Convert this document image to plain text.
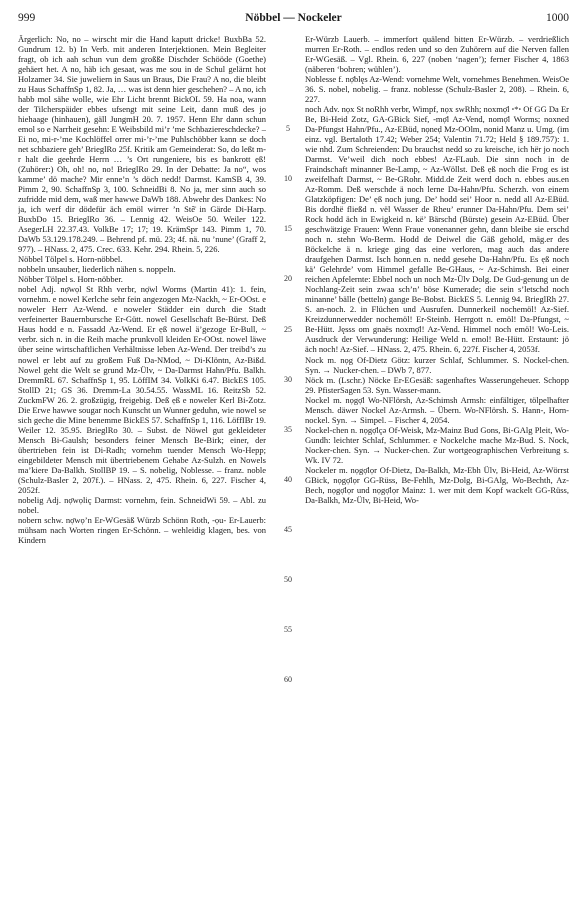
999	Nöbbel — Nockeler	1000

Ärgerlich: No, no – wirscht mir die Hand kaputt dricke! BuxbBa 52. Gundrum 12. b) In Verb. mit anderen Interjektionen. Mein Begleiter fragt, ob ich aah schun vun dem großße Dischder Schööde (Goethe) gehäert het. A no, häb ich gesaat, was me sou in de Schul gelärnt hot Holzamer 34. Sie juweliern in Saus un Braus, Die Frau? A no, die bleibt zu Haus SchaffnSp 1, 82. Ja, … was ist denn hier geschehen? – A no, ich habb mol sähe wolle, wie Ehr Licht brennt BickOL 59. Ha noa, wann der Tilcherspäider ebbes ufsengt mit seine Leit, dann muß des jo hiehaage (hinhauen), gäll JungmH 20. 7. 1957. Henn Ehr dann schun emol so e Narrheit gesehn: E Weibsbild mi’r ’me Schbaziereschdecke? – Ei no, mi-r-’me Kochlöffel orrer mi-’r-’me Puhlschöbber kann se doch net schbaziere geh’ BrieglRo 25f. Kritik am Gemeinderat: So, do leßt m-r halt die geehrde Herrn … ’s Ort rungeniere, bis es bankrott ẹß! (Zuhörer:) Oh, oh! no, no! BrieglRo 29. In der Debatte: Ja no“, wos kamme’ dö mache? Mir enne’n ’s döch nedd! Darmst. KamSB 4, 39. Pimm 2, 90. SchaffnSp 3, 100. SchneidBi 8. No ja, mer sinn auch so zufridde mid dem, waß mer hawwe DaWb 188. Abwehr des Dankes: No ja, ich werf dir dödefür äch emöl wirrer ’n Stẽ̈ in Gärde Di-Harp. BuxbDo 15. BrieglRo 36. – Lennig 42. WeisOe 50. Weiler 122. AsegerLH 22.37.43. VolkBe 17; 17; 19. KrämSpr 143. Pimm 1, 70. DaWb 53.129.178.249. – Behrend pf. mü. 23; 4f. nä. nu ’nune’ (Graff 2, 977). – HNass. 2, 475. Crec. 633. Kehr. 294. Rhein. 5, 226.

Nöbbel Tölpel s. Horn-nöbbel.

nobbeln unsauber, liederlich nähen s. noppeln.

Nöbber Tölpel s. Horn-nöbber.

nobel Adj. nọ̄wọl St Rhh verbr, nọ̈wl Worms (Martin 41): 1. fein, vornehm. e nowel Kerlche sehr fein angezogen Mz-Nackh, ~ Er-OOst. e noweler Herr Az-Wend. e noweler Städder ein durch die Stadt verfeinerter Bauernbursche Er-Gütt. nowel Gesellschaft Be-Bürst. Deß Haus hodd e n. Fassadd Az-Wend. Er ẹß nowel ä’gezoge Er-Bull, ~ verbr. sich n. in die Reih mache prunkvoll kleiden Er-OOst. nowel läwe über seine wirtschaftlichen Verhältnisse leben Az-Wend. Der treibd’s zu nowel er lebt auf zu großem Fuß Da-NMod, ~ Di-Klöntn, Az-Bißd. Nowel geht die Welt se grund Mz-Ülv, ~ Da-Darmst Hahn/Pfu. Balkh. DremmRL 67. SchaffnSp 1, 95. LöffIM 34. VolkKi 6.47. BickES 105. StollD 21; GS 36. Dremm-La 30.54.55. WassML 16. ReitzSb 52. ZuckmFW 26. 2. großzügig, freigebig. Deß ẹß e noweler Kerl Bi-Zotz. Die Erwe hawwe sougar noch Kunscht un Wunner geduhn, wie nowel se sich geche die Mine benemme BickES 57. SchaffnSp 1, 116. LöffIBr 19. Weiler 12. 35.95. BrieglRo 30. – Subst. de Nöwel gut gekleideter Mensch Bi-Gaulsh; besonders feiner Mensch Be-Birk; einer, der übertrieben fein ist Di-Radh; vornehm tuender Mensch Wo-Hepp; eingebildeter Mensch mit übertriebenem Gehabe Az-Sulzh. en Nowels ma’kiere Da-Balkh. StollBP 19. – S. nobelig, Noblesse. – franz. noble (Schulz-Basler 2, 207f.). – HNass. 2, 475. Rhein. 6, 227. Fischer 4, 2052f.

nobelig Adj. nọ̄wọliç Darmst: vornehm, fein. SchneidWi 59. – Abl. zu nobel.

nobern schw. nọ̄wọ’n Er-WGesäß Würzb Schönn Roth, -ọu- Er-Lauerb: mühsam nach Worten ringen Er-Schönn. – wehleidig klagen, bes. von Kindern

5
10
15
20
25
30
35
40
45
50
55
60

Er-Würzb Lauerb. – immerfort quälend bitten Er-Würzb. – verdrießlich murren Er-Roth. – endlos reden und so den Zuhörern auf die Nerven fallen Er-WGesäß. – Vgl. Rhein. 6, 227 (noben ‘nagen’); ferner Fischer 4, 1863 (näberen ‘bohren; wühlen’).

Noblesse f. nọ̄blęs Az-Wend: vornehme Welt, vornehmes Benehmen. WeisOe 36. S. nobel, nobelig. – franz. noblesse (Schulz-Basler 2, 208). – Rhein. 6, 227.

noch Adv. nọx St noRhh verbr, Wimpf, nọx swRhh; noxmọ̄l ꞏ*ꞏ Of GG Da Er Be, Bi-Heid Zotz, GA-GBick Sief, -mọ̄l Az-Vend, nomọ̄l Worms; noxned Da-Pfungst Hahn/Pfu., Az-EBüd, nọneḍ Mz-OOlm, nonid Manz u. Umg. (im einz. vgl. Bertaloth 17.42; Weber 254; Valentin 71.72; Held § 189.757): 1. wie nhd. Zum Schreienden: Du brauchst nedd so zu kreische, ich hër jo noch Darmst. Ve’weil dich noch ebbes! Az-FLaub. Die sinn noch in de Fraindschaft minanner Be-Lamp, ~ Az-Wöllst. Deß ẹß noch die Frog es ist zweifelhaft Darmst, ~ Be-GRohr. Midd.de Zeit werd doch n. ebbes aus.en Az-Romm. Deß werschde ä noch lerne Da-Hahn/Pfu. Scherzh. von einem Glatzköpfigen: De’ ẹß noch jung. De’ hodd sei’ Hoor n. nedd all Az-EBüd. Bis dordhë fließd n. vël Wasser de Rheu’ erunner Da-Hahn/Pfu. Dem sei’ Rock hodd äch in Ewigkeid n. kë’ Bärschd (Bürste) gesein Az-EBüd. Über geschwätzige Frauen: Wenn Fraue vonenanner gehn, dann bleibe sie erschd noch n. stehn Wo-Berm. Hodd de Deiwel die Gäß gehold, mäg.er des Böckelche ä n. kriege ging das eine verloren, mag auch das andere draufgehen Darmst. Isch honn.en n. nedd gesehe Da-Hahn/Pfu. Es ẹß noch kä’ Gelehrde’ vom Himmel gefalle Be-GHaus, ~ Az-Schimsh. Bei einer reichen Apfelernte: Ebbel noch un noch Mz-Ülv Dolg. De Gud-genung un de Nochlang-Zeit sein zwaa sch’n’ böse Kumerade; die sein s’letschd noch minanne’ bälle (betteln) gange Be-Bobst. BickES 5. Lennig 94. BrieglRh 27. S. an-noch. 2. in Flüchen und Ausrufen. Dunnerkeil nochemöl! Az-Sief. Kreizdunnerwedder nochemöl! Er-Steinb. Herrgott n. emöl! Da-Pfungst, ~ Be-Hütt. Jęsss om gnaës noxmọ̄l! Az-Vend. Himmel noch emöl! Wo-Leis. Ausdruck der Verwunderung: Heilige Weld n. emol! Be-Hütt. Erstaunt: jö äch noch! Az-Sief. – HNass. 2, 475. Rhein. 6, 227f. Fischer 4, 2053f.

Nock m. nọg Of-Dietz Götz: kurzer Schlaf, Schlummer. S. Nockel-chen. Syn. → Nucker-chen. – DWb 7, 877.

Nöck m. (Lschr.) Nöcke Er-EGesäß: sagenhaftes Wasserungeheuer. Schopp 29. PfisterSagen 53. Syn. Wasser-mann.

Nockel m. nọgọ̄l Wo-NFlörsh, Az-Schimsh Armsh: einfältiger, tölpelhafter Mensch. däwer Nockel Az-Armsh. – Übern. Wo-NFlörsh. S. Hann-, Horn-nockel. Syn. → Simpel. – Fischer 4, 2054.

Nockel-chen n. nọgọ̄lçə Of-Weisk, Mz-Mainz Bud Gons, Bi-GAlg Pleit, Wo-Gundh: leichter Schlaf, Schlummer. e Nockelche mache Mz-Bud. S. Nock, Nocker-chen. Syn. → Nucker-chen. Zur wortgeographischen Verbreitung s. Wk. IV 72.

Nockeler m. nọgọ̄lọr Of-Dietz, Da-Balkh, Mz-Ebh Ülv, Bi-Heid, Az-Wörrst GBick, nọgọ̄lọr GG-Rüss, Be-Fehlh, Mz-Dolg, Bi-GAlg, Wo-Bechth, Az-Bech, nọgọ̄lọr und nọgọ̄lọr Mainz: 1. wer mit dem Kopf wackelt GG-Rüss, Da-Balkh, Mz-Ülv, Bi-Heid, Wo-
